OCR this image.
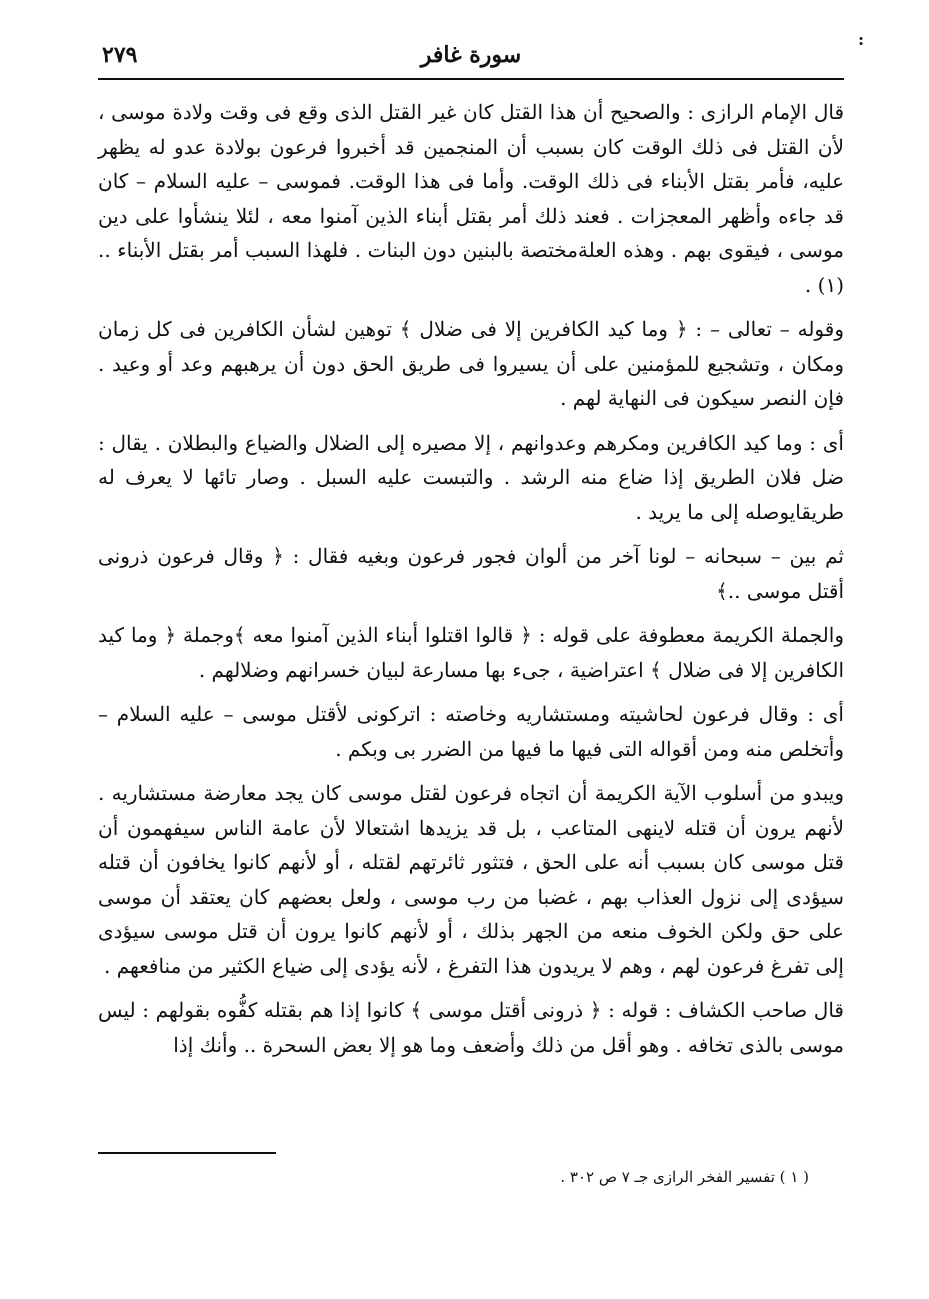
:
سورة غافر
٢٧٩

قال الإمام الرازى : والصحيح أن هذا القتل كان غير القتل الذى وقع فى وقت ولادة موسى ، لأن القتل فى ذلك الوقت كان بسبب أن المنجمين قد أخبروا فرعون بولادة عدو له يظهر عليه، فأمر بقتل الأبناء فى ذلك الوقت. وأما فى هذا الوقت. فموسى – عليه السلام – كان قد جاءه وأظهر المعجزات . فعند ذلك أمر بقتل أبناء الذين آمنوا معه ، لئلا ينشأوا على دين موسى ، فيقوى بهم . وهذه العلةمختصة بالبنين دون البنات . فلهذا السبب أمر بقتل الأبناء ..(١) .

وقوله – تعالى – : ﴿ وما كيد الكافرين إلا فى ضلال ﴾ توهين لشأن الكافرين فى كل زمان ومكان ، وتشجيع للمؤمنين على أن يسيروا فى طريق الحق دون أن يرهبهم وعد أو وعيد . فإن النصر سيكون فى النهاية لهم .

أى : وما كيد الكافرين ومكرهم وعدوانهم ، إلا مصيره إلى الضلال والضياع والبطلان . يقال : ضل فلان الطريق إذا ضاع منه الرشد . والتبست عليه السبل . وصار تائها لا يعرف له طريقايوصله إلى ما يريد .

ثم بين – سبحانه – لونا آخر من ألوان فجور فرعون وبغيه فقال : ﴿ وقال فرعون ذرونى أقتل موسى ..﴾

والجملة الكريمة معطوفة على قوله : ﴿ قالوا اقتلوا أبناء الذين آمنوا معه ﴾وجملة ﴿ وما كيد الكافرين إلا فى ضلال ﴾ اعتراضية ، جىء بها مسارعة لبيان خسرانهم وضلالهم .

أى : وقال فرعون لحاشيته ومستشاريه وخاصته : اتركونى لأقتل موسى – عليه السلام – وأتخلص منه ومن أقواله التى فيها ما فيها من الضرر بى وبكم .

ويبدو من أسلوب الآية الكريمة أن اتجاه فرعون لقتل موسى كان يجد معارضة مستشاريه . لأنهم يرون أن قتله لاينهى المتاعب ، بل قد يزيدها اشتعالا لأن عامة الناس سيفهمون أن قتل موسى كان بسبب أنه على الحق ، فتثور ثائرتهم لقتله ، أو لأنهم كانوا يخافون أن قتله سيؤدى إلى نزول العذاب بهم ، غضبا من رب موسى ، ولعل بعضهم كان يعتقد أن موسى على حق ولكن الخوف منعه من الجهر بذلك ، أو لأنهم كانوا يرون أن قتل موسى سيؤدى إلى تفرغ فرعون لهم ، وهم لا يريدون هذا التفرغ ، لأنه يؤدى إلى ضياع الكثير من منافعهم .

قال صاحب الكشاف : قوله : ﴿ ذرونى أقتل موسى ﴾ كانوا إذا هم بقتله كفُّوه بقولهم : ليس موسى بالذى تخافه . وهو أقل من ذلك وأضعف وما هو إلا بعض السحرة .. وأنك إذا

( ١ ) تفسير الفخر الرازى جـ ٧ ص ٣٠٢ .
